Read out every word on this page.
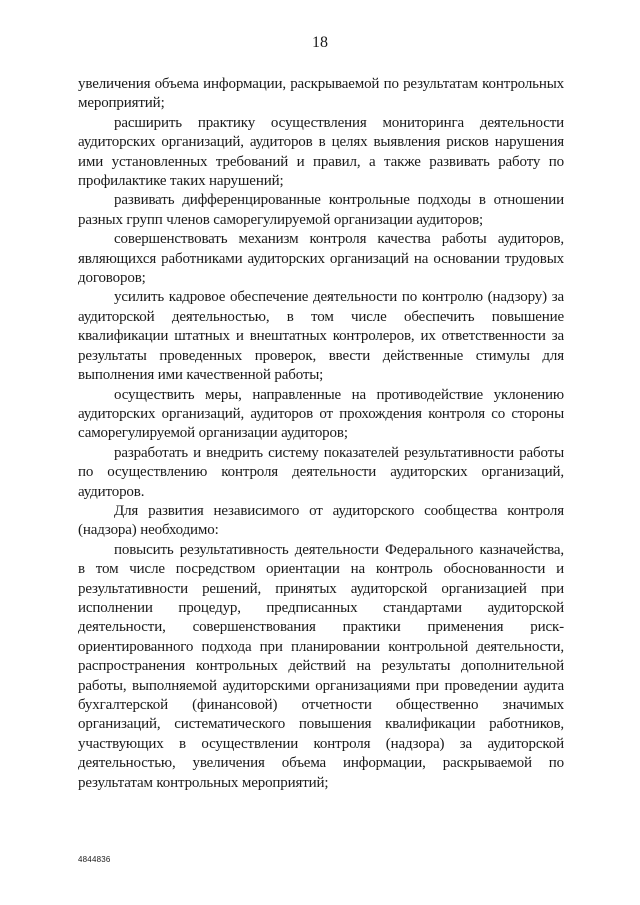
18

увеличения объема информации, раскрываемой по результатам контрольных мероприятий;

расширить практику осуществления мониторинга деятельности аудиторских организаций, аудиторов в целях выявления рисков нарушения ими установленных требований и правил, а также развивать работу по профилактике таких нарушений;

развивать дифференцированные контрольные подходы в отношении разных групп членов саморегулируемой организации аудиторов;

совершенствовать механизм контроля качества работы аудиторов, являющихся работниками аудиторских организаций на основании трудовых договоров;

усилить кадровое обеспечение деятельности по контролю (надзору) за аудиторской деятельностью, в том числе обеспечить повышение квалификации штатных и внештатных контролеров, их ответственности за результаты проведенных проверок, ввести действенные стимулы для выполнения ими качественной работы;

осуществить меры, направленные на противодействие уклонению аудиторских организаций, аудиторов от прохождения контроля со стороны саморегулируемой организации аудиторов;

разработать и внедрить систему показателей результативности работы по осуществлению контроля деятельности аудиторских организаций, аудиторов.

Для развития независимого от аудиторского сообщества контроля (надзора) необходимо:

повысить результативность деятельности Федерального казначейства, в том числе посредством ориентации на контроль обоснованности и результативности решений, принятых аудиторской организацией при исполнении процедур, предписанных стандартами аудиторской деятельности, совершенствования практики применения риск-ориентированного подхода при планировании контрольной деятельности, распространения контрольных действий на результаты дополнительной работы, выполняемой аудиторскими организациями при проведении аудита бухгалтерской (финансовой) отчетности общественно значимых организаций, систематического повышения квалификации работников, участвующих в осуществлении контроля (надзора) за аудиторской деятельностью, увеличения объема информации, раскрываемой по результатам контрольных мероприятий;

4844836
